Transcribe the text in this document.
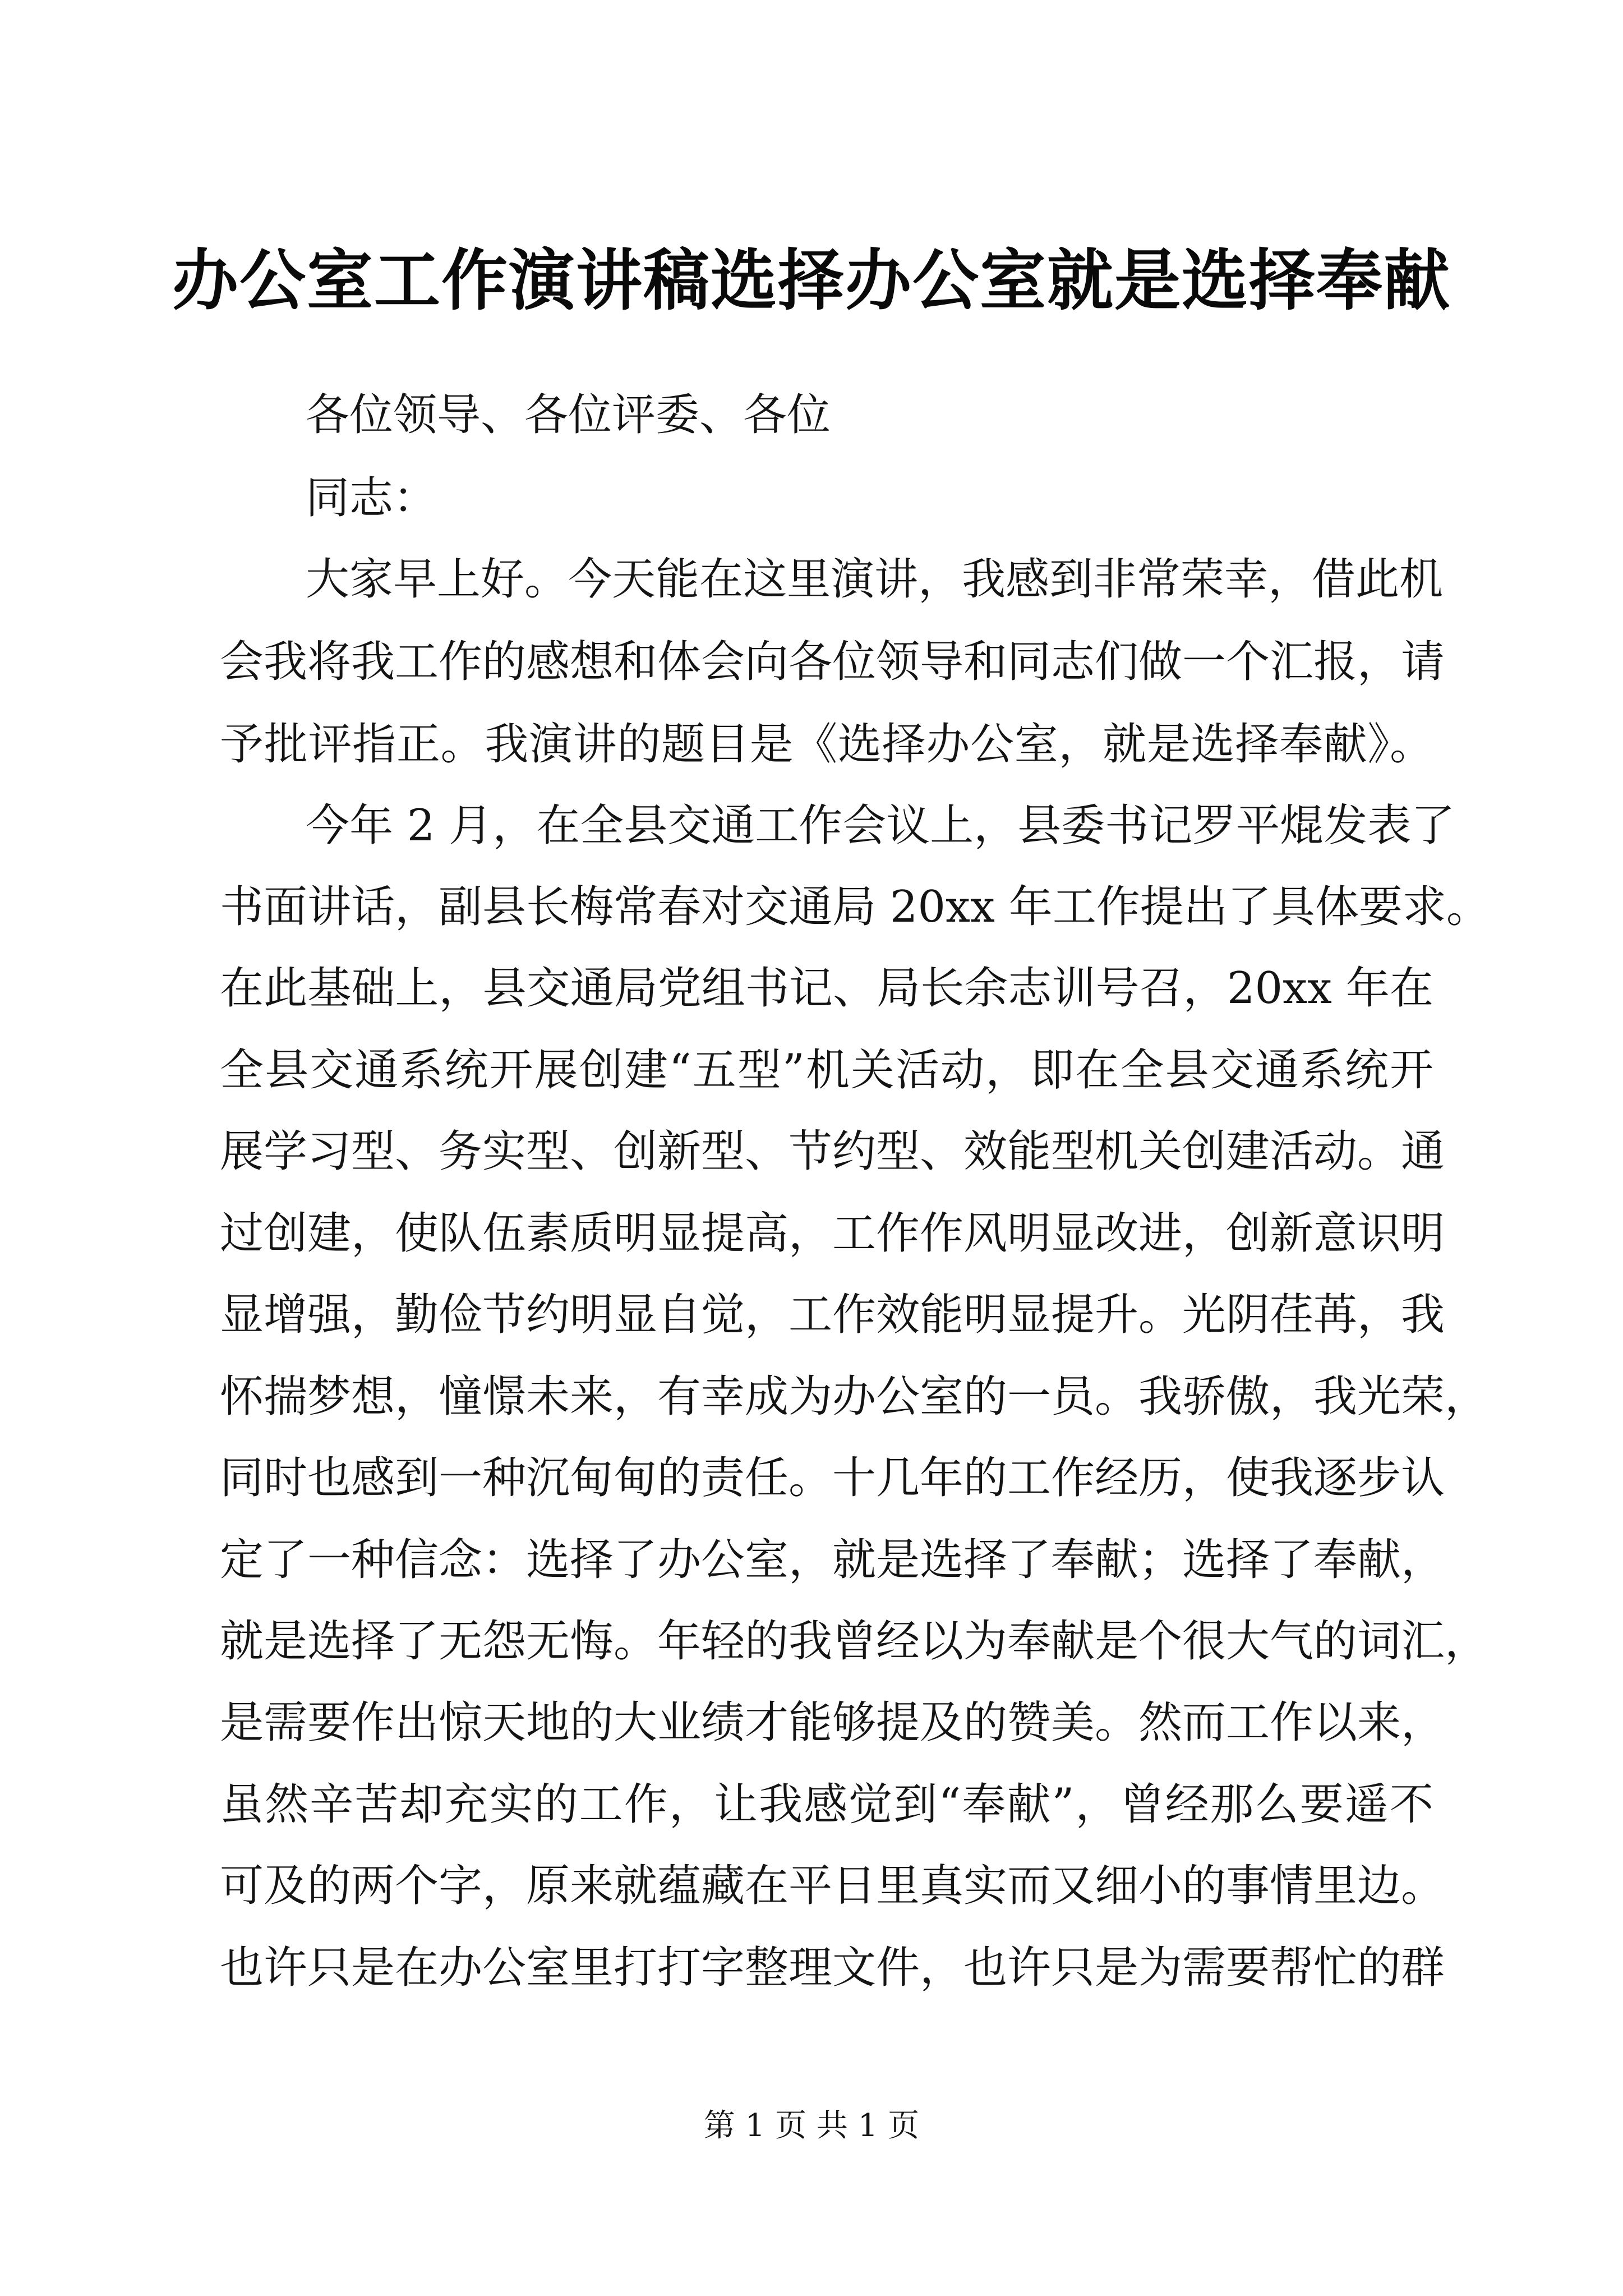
办公室工作演讲稿选择办公室就是选择奉献
各位领导、各位评委、各位
同志：
大家早上好。今天能在这里演讲，我感到非常荣幸，借此机
会我将我工作的感想和体会向各位领导和同志们做一个汇报，请
予批评指正。我演讲的题目是《选择办公室，就是选择奉献》。
今年 2 月，在全县交通工作会议上，县委书记罗平焜发表了
书面讲话，副县长梅常春对交通局 20xx 年工作提出了具体要求。
在此基础上，县交通局党组书记、局长余志训号召，20xx 年在
全县交通系统开展创建“五型”机关活动，即在全县交通系统开
展学习型、务实型、创新型、节约型、效能型机关创建活动。通
过创建，使队伍素质明显提高，工作作风明显改进，创新意识明
显增强，勤俭节约明显自觉，工作效能明显提升。光阴荏苒，我
怀揣梦想，憧憬未来，有幸成为办公室的一员。我骄傲，我光荣，
同时也感到一种沉甸甸的责任。十几年的工作经历，使我逐步认
定了一种信念：选择了办公室，就是选择了奉献；选择了奉献，
就是选择了无怨无悔。年轻的我曾经以为奉献是个很大气的词汇，
是需要作出惊天地的大业绩才能够提及的赞美。然而工作以来，
虽然辛苦却充实的工作，让我感觉到“奉献”，曾经那么要遥不
可及的两个字，原来就蕴藏在平日里真实而又细小的事情里边。
也许只是在办公室里打打字整理文件，也许只是为需要帮忙的群
第 1 页 共 1 页
